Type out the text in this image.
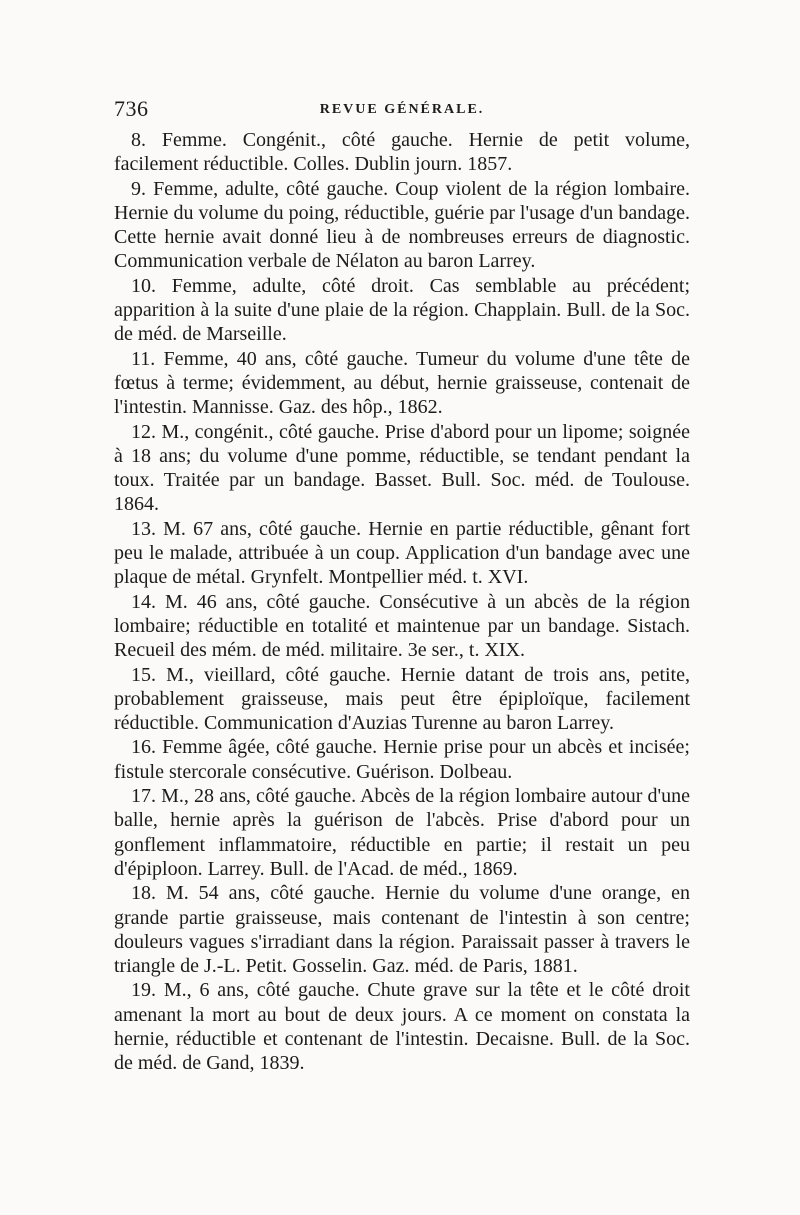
736	REVUE GÉNÉRALE.

8. Femme. Congénit., côté gauche. Hernie de petit volume, facilement réductible. Colles. Dublin journ. 1857.

9. Femme, adulte, côté gauche. Coup violent de la région lombaire. Hernie du volume du poing, réductible, guérie par l'usage d'un bandage. Cette hernie avait donné lieu à de nombreuses erreurs de diagnostic. Communication verbale de Nélaton au baron Larrey.

10. Femme, adulte, côté droit. Cas semblable au précédent; apparition à la suite d'une plaie de la région. Chapplain. Bull. de la Soc. de méd. de Marseille.

11. Femme, 40 ans, côté gauche. Tumeur du volume d'une tête de fœtus à terme; évidemment, au début, hernie graisseuse, contenait de l'intestin. Mannisse. Gaz. des hôp., 1862.

12. M., congénit., côté gauche. Prise d'abord pour un lipome; soignée à 18 ans; du volume d'une pomme, réductible, se tendant pendant la toux. Traitée par un bandage. Basset. Bull. Soc. méd. de Toulouse. 1864.

13. M. 67 ans, côté gauche. Hernie en partie réductible, gênant fort peu le malade, attribuée à un coup. Application d'un bandage avec une plaque de métal. Grynfelt. Montpellier méd. t. XVI.

14. M. 46 ans, côté gauche. Consécutive à un abcès de la région lombaire; réductible en totalité et maintenue par un bandage. Sistach. Recueil des mém. de méd. militaire. 3e ser., t. XIX.

15. M., vieillard, côté gauche. Hernie datant de trois ans, petite, probablement graisseuse, mais peut être épiploïque, facilement réductible. Communication d'Auzias Turenne au baron Larrey.

16. Femme âgée, côté gauche. Hernie prise pour un abcès et incisée; fistule stercorale consécutive. Guérison. Dolbeau.

17. M., 28 ans, côté gauche. Abcès de la région lombaire autour d'une balle, hernie après la guérison de l'abcès. Prise d'abord pour un gonflement inflammatoire, réductible en partie; il restait un peu d'épiploon. Larrey. Bull. de l'Acad. de méd., 1869.

18. M. 54 ans, côté gauche. Hernie du volume d'une orange, en grande partie graisseuse, mais contenant de l'intestin à son centre; douleurs vagues s'irradiant dans la région. Paraissait passer à travers le triangle de J.-L. Petit. Gosselin. Gaz. méd. de Paris, 1881.

19. M., 6 ans, côté gauche. Chute grave sur la tête et le côté droit amenant la mort au bout de deux jours. A ce moment on constata la hernie, réductible et contenant de l'intestin. Decaisne. Bull. de la Soc. de méd. de Gand, 1839.
